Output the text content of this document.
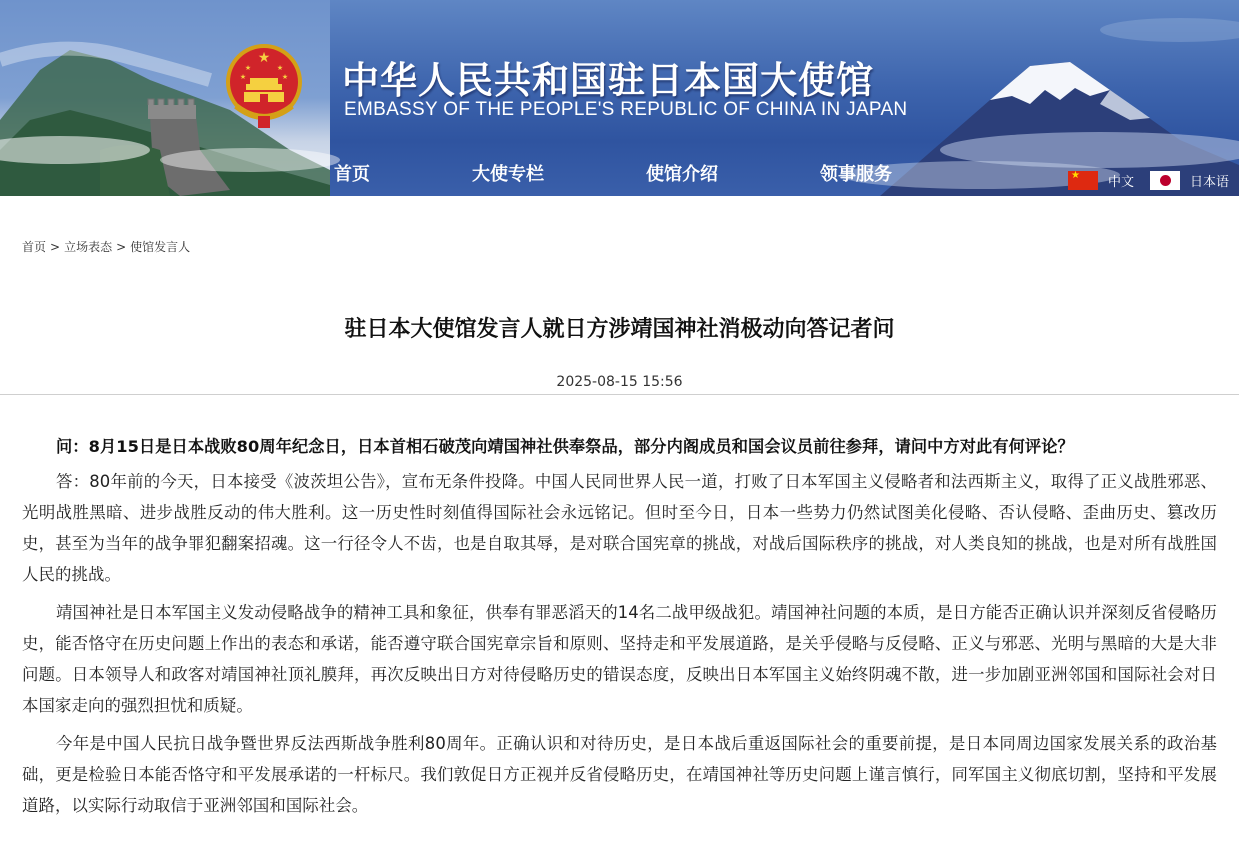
★
★	★
★	★ 中华人民共和国驻日本国大使馆
EMBASSY OF THE PEOPLE'S REPUBLIC OF CHINA IN JAPAN
首页	大使专栏	使馆介绍	领事服务
★	中文	日本语
首页 > 立场表态 > 使馆发言人
驻日本大使馆发言人就日方涉靖国神社消极动向答记者问
2025-08-15 15:56

问：8月15日是日本战败80周年纪念日，日本首相石破茂向靖国神社供奉祭品，部分内阁成员和国会议员前往参拜，请问中方对此有何评论？

答：80年前的今天，日本接受《波茨坦公告》，宣布无条件投降。中国人民同世界人民一道，打败了日本军国主义侵略者和法西斯主义，取得了正义战胜邪恶、光明战胜黑暗、进步战胜反动的伟大胜利。这一历史性时刻值得国际社会永远铭记。但时至今日，日本一些势力仍然试图美化侵略、否认侵略、歪曲历史、篡改历史，甚至为当年的战争罪犯翻案招魂。这一行径令人不齿，也是自取其辱，是对联合国宪章的挑战，对战后国际秩序的挑战，对人类良知的挑战，也是对所有战胜国人民的挑战。

靖国神社是日本军国主义发动侵略战争的精神工具和象征，供奉有罪恶滔天的14名二战甲级战犯。靖国神社问题的本质，是日方能否正确认识并深刻反省侵略历史，能否恪守在历史问题上作出的表态和承诺，能否遵守联合国宪章宗旨和原则、坚持走和平发展道路，是关乎侵略与反侵略、正义与邪恶、光明与黑暗的大是大非问题。日本领导人和政客对靖国神社顶礼膜拜，再次反映出日方对待侵略历史的错误态度，反映出日本军国主义始终阴魂不散，进一步加剧亚洲邻国和国际社会对日本国家走向的强烈担忧和质疑。

今年是中国人民抗日战争暨世界反法西斯战争胜利80周年。正确认识和对待历史，是日本战后重返国际社会的重要前提，是日本同周边国家发展关系的政治基础，更是检验日本能否恪守和平发展承诺的一杆标尺。我们敦促日方正视并反省侵略历史，在靖国神社等历史问题上谨言慎行，同军国主义彻底切割，坚持和平发展道路，以实际行动取信于亚洲邻国和国际社会。
